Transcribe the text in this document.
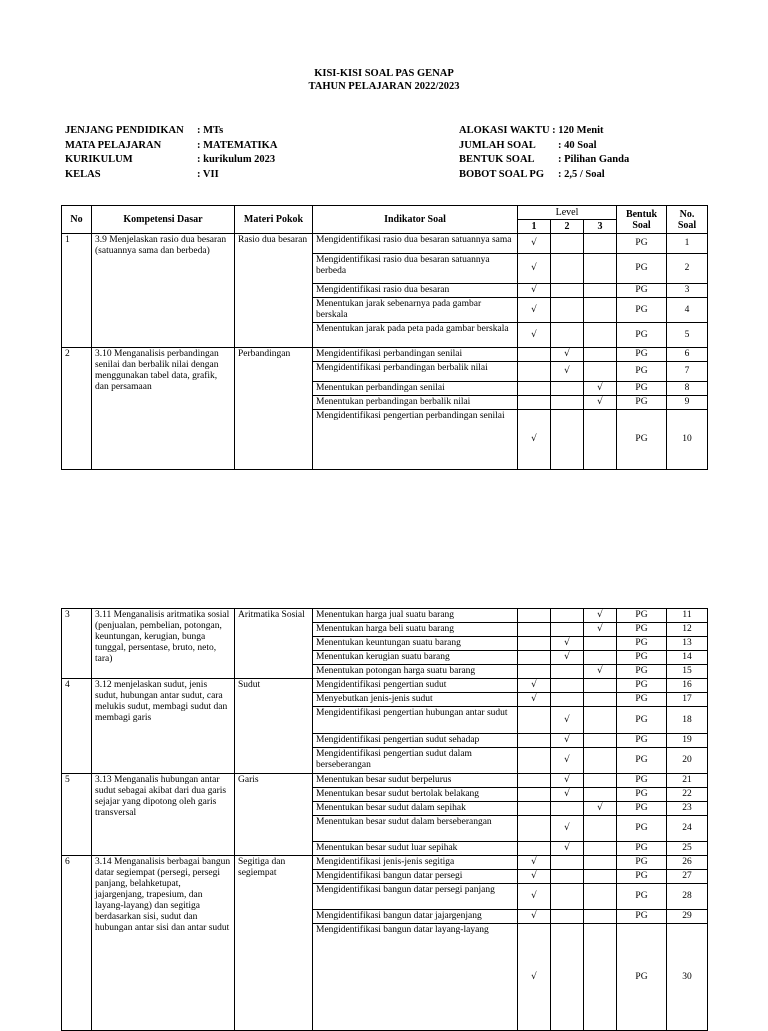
KISI-KISI SOAL PAS GENAP
TAHUN PELAJARAN 2022/2023
JENJANG PENDIDIKAN	: MTs
MATA PELAJARAN	: MATEMATIKA
KURIKULUM	: kurikulum 2023
KELAS	: VII
ALOKASI WAKTU
: 120 Menit
JUMLAH SOAL	: 40 Soal
BENTUK SOAL	: Pilihan Ganda
BOBOT SOAL PG	: 2,5 / Soal
No	Kompetensi Dasar	Materi Pokok	Indikator Soal	Level			Bentuk Soal	No. Soal
				1	2	3		
1	3.9 Menjelaskan rasio dua besaran (satuannya sama dan berbeda)	Rasio dua besaran	Mengidentifikasi rasio dua besaran satuannya sama	√			PG	1
			Mengidentifikasi rasio dua besaran satuannya berbeda	√			PG	2
			Mengidentifikasi rasio dua besaran	√			PG	3
			Menentukan jarak sebenarnya pada gambar berskala	√			PG	4
			Menentukan jarak pada peta pada gambar berskala	√			PG	5
2	3.10 Menganalisis perbandingan senilai dan berbalik nilai dengan menggunakan tabel data, grafik, dan persamaan	Perbandingan	Mengidentifikasi perbandingan senilai		√		PG	6
			Mengidentifikasi perbandingan berbalik nilai		√		PG	7
			Menentukan perbandingan senilai			√	PG	8
			Menentukan perbandingan berbalik nilai			√	PG	9
			Mengidentifikasi pengertian perbandingan senilai	√			PG	10
3	3.11 Menganalisis aritmatika sosial (penjualan, pembelian, potongan, keuntungan, kerugian, bunga tunggal, persentase, bruto, neto, tara)	Aritmatika Sosial	Menentukan harga jual suatu barang			√	PG	11
			Menentukan harga beli suatu barang			√	PG	12
			Menentukan keuntungan suatu barang		√		PG	13
			Menentukan kerugian suatu barang		√		PG	14
			Menentukan potongan harga suatu barang			√	PG	15
4	3.12 menjelaskan sudut, jenis sudut, hubungan antar sudut, cara melukis sudut, membagi sudut dan membagi garis	Sudut	Mengidentifikasi pengertian sudut	√			PG	16
			Menyebutkan jenis-jenis sudut	√			PG	17
			Mengidentifikasi pengertian hubungan antar sudut		√		PG	18
			Mengidentifikasi pengertian sudut sehadap		√		PG	19
			Mengidentifikasi pengertian sudut dalam berseberangan		√		PG	20
5	3.13 Menganalis hubungan antar sudut sebagai akibat dari dua garis sejajar yang dipotong oleh garis transversal	Garis	Menentukan besar sudut berpelurus		√		PG	21
			Menentukan besar sudut bertolak belakang		√		PG	22
			Menentukan besar sudut dalam sepihak			√	PG	23
			Menentukan besar sudut dalam berseberangan		√		PG	24
			Menentukan besar sudut luar sepihak		√		PG	25
6	3.14 Menganalisis berbagai bangun datar segiempat (persegi, persegi panjang, belahketupat, jajargenjang, trapesium, dan layang-layang) dan segitiga berdasarkan sisi, sudut dan hubungan antar sisi dan antar sudut	Segitiga dan segiempat	Mengidentifikasi jenis-jenis segitiga	√			PG	26
			Mengidentifikasi bangun datar persegi	√			PG	27
			Mengidentifikasi bangun datar persegi panjang	√			PG	28
			Mengidentifikasi bangun datar jajargenjang	√			PG	29
			Mengidentifikasi bangun datar layang-layang	√			PG	30
